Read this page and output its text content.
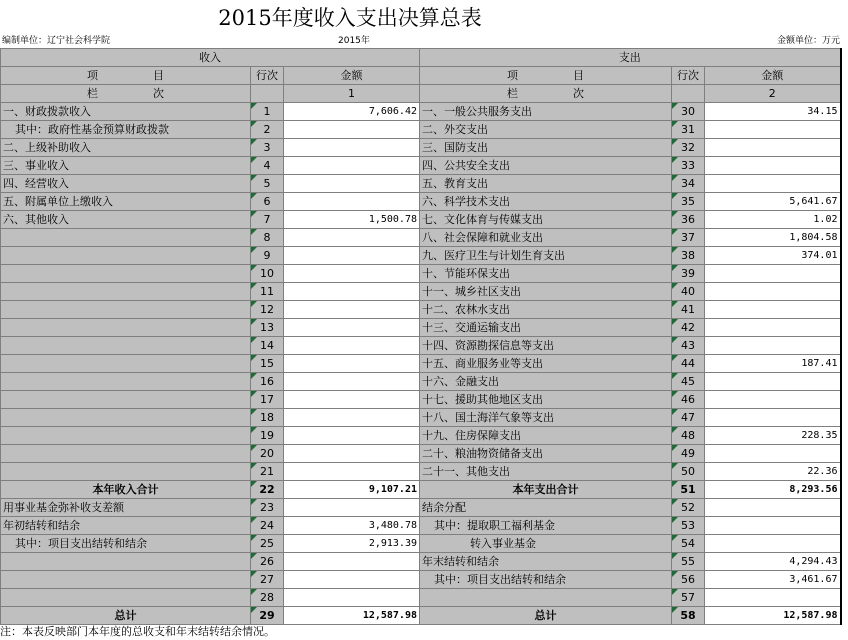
2015年度收入支出决算总表
编制单位：辽宁社会科学院	2015年	金额单位：万元
收入			支出		
项　　　　　目	行次	金额	项　　　　　目	行次	金额
栏　　　　　次		1	栏　　　　　次		2
一、财政拨款收入	1	7,606.42	一、一般公共服务支出	30	34.15
其中：政府性基金预算财政拨款	2		二、外交支出	31	
二、上级补助收入	3		三、国防支出	32	
三、事业收入	4		四、公共安全支出	33	
四、经营收入	5		五、教育支出	34	
五、附属单位上缴收入	6		六、科学技术支出	35	5,641.67
六、其他收入	7	1,500.78	七、文化体育与传媒支出	36	1.02
	8		八、社会保障和就业支出	37	1,804.58
	9		九、医疗卫生与计划生育支出	38	374.01
	10		十、节能环保支出	39	
	11		十一、城乡社区支出	40	
	12		十二、农林水支出	41	
	13		十三、交通运输支出	42	
	14		十四、资源勘探信息等支出	43	
	15		十五、商业服务业等支出	44	187.41
	16		十六、金融支出	45	
	17		十七、援助其他地区支出	46	
	18		十八、国土海洋气象等支出	47	
	19		十九、住房保障支出	48	228.35
	20		二十、粮油物资储备支出	49	
	21		二十一、其他支出	50	22.36
本年收入合计	22	9,107.21	本年支出合计	51	8,293.56
用事业基金弥补收支差额	23		结余分配	52	
年初结转和结余	24	3,480.78	其中：提取职工福利基金	53	
其中：项目支出结转和结余	25	2,913.39	转入事业基金	54	
	26		年末结转和结余	55	4,294.43
	27		其中：项目支出结转和结余	56	3,461.67
	28			57	
总计	29	12,587.98	总计	58	12,587.98
注：本表反映部门本年度的总收支和年末结转结余情况。
